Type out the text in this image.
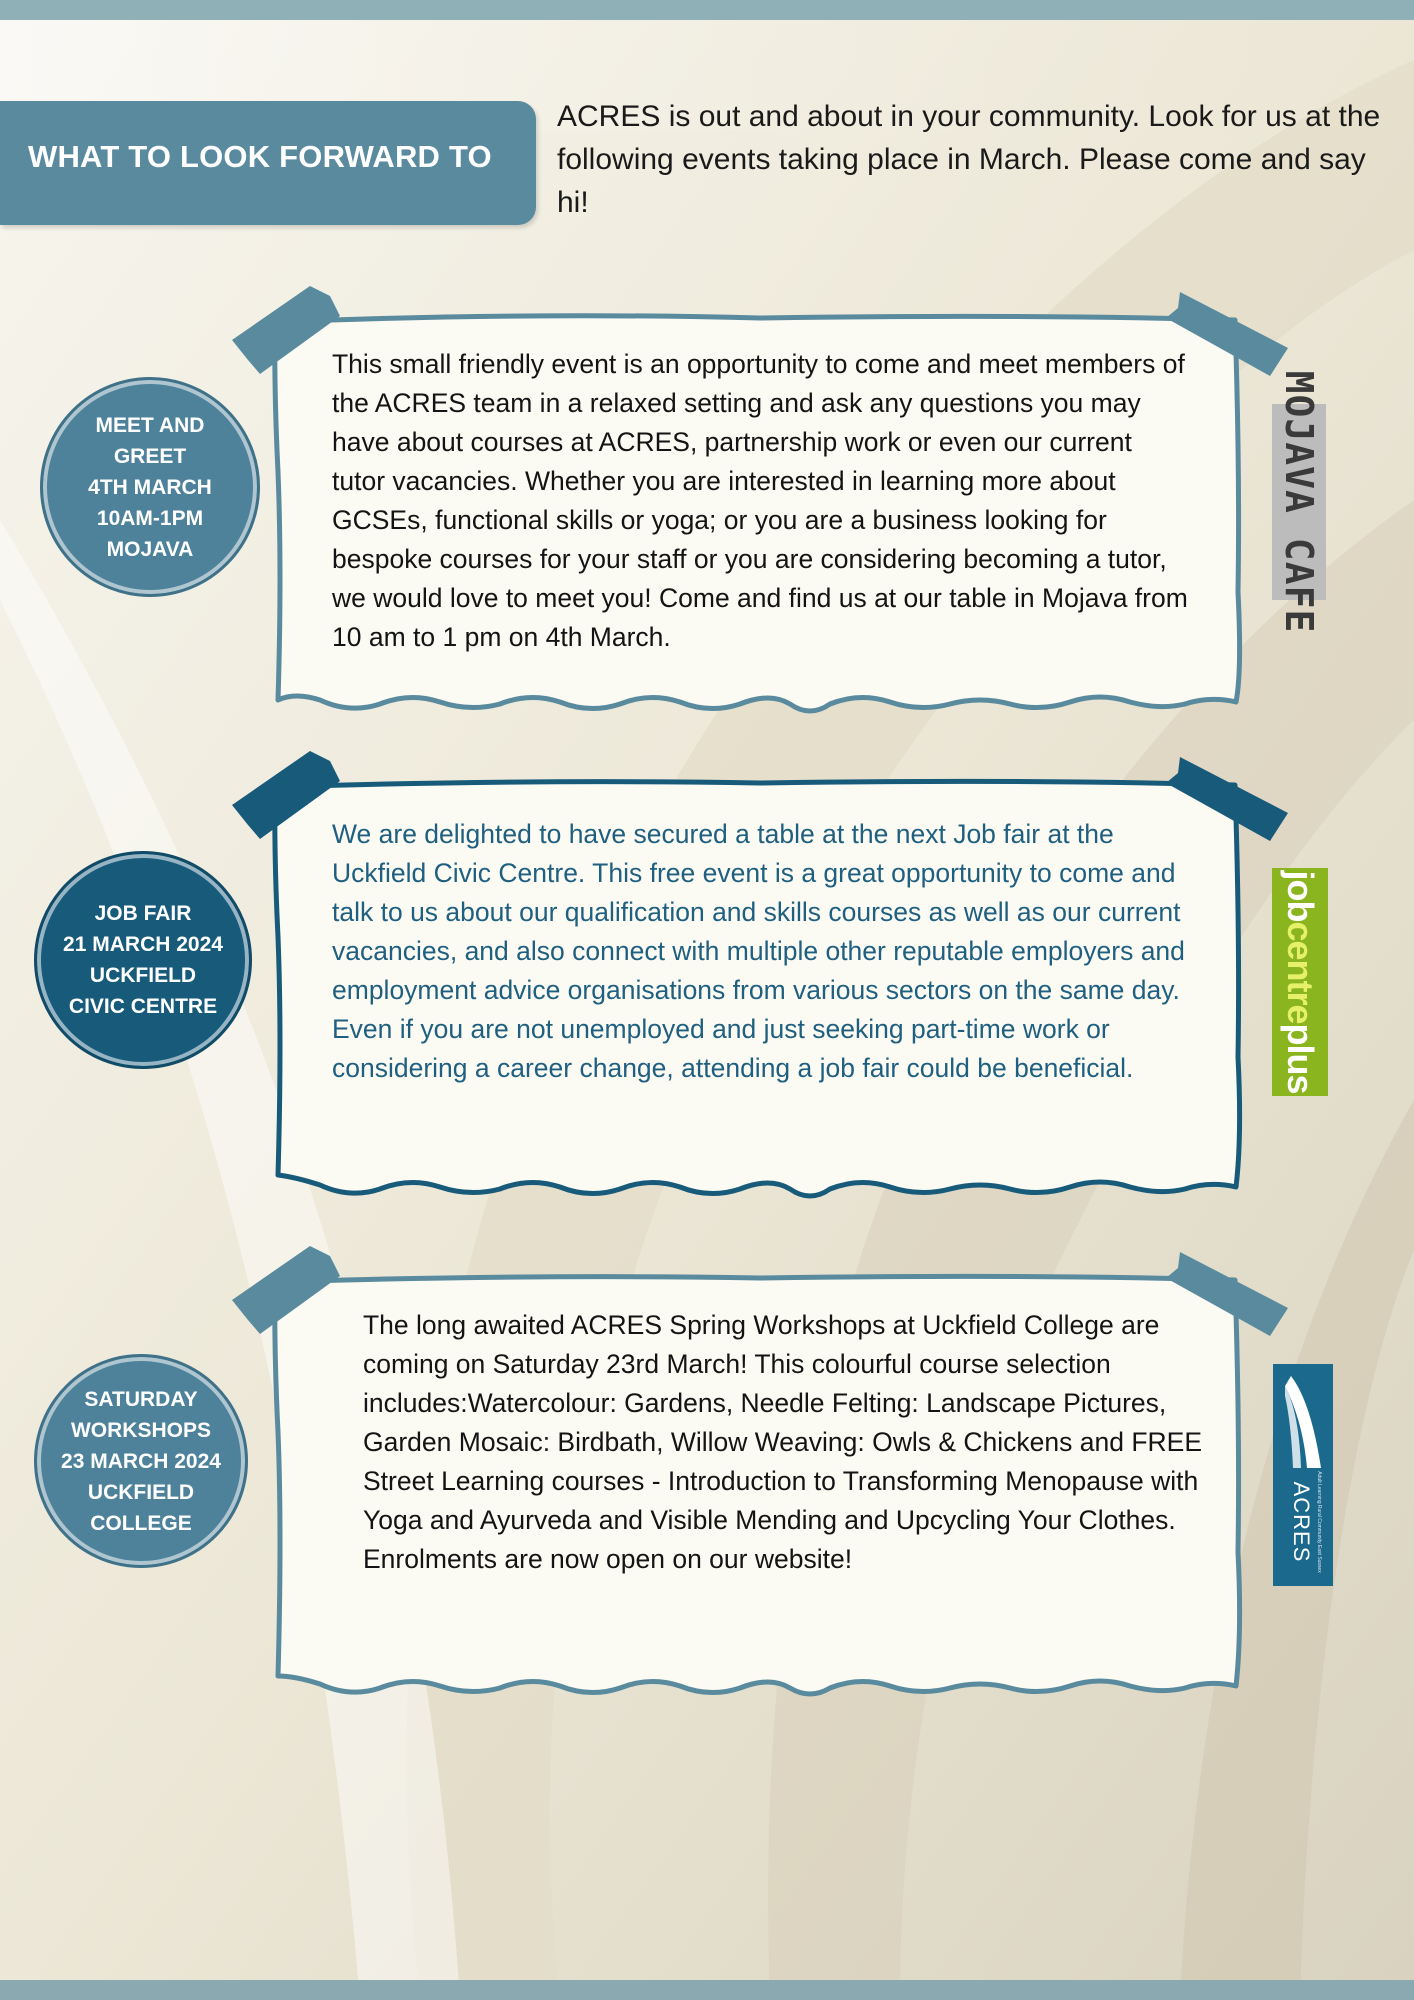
WHAT TO LOOK FORWARD TO

ACRES is out and about in your community. Look for us at the following events taking place in March. Please come and say hi!

This small friendly event is an opportunity to come and meet members of the ACRES team in a relaxed setting and ask any questions you may have about courses at ACRES, partnership work or even our current tutor vacancies. Whether you are interested in learning more about GCSEs, functional skills or yoga; or you are a business looking for bespoke courses for your staff or you are considering becoming a tutor, we would love to meet you! Come and find us at our table in Mojava from 10 am to 1 pm on 4th March.

MEET AND
GREET
4TH MARCH
10AM-1PM
MOJAVA	MOJAVA CAFE

We are delighted to have secured a table at the next Job fair at the Uckfield Civic Centre. This free event is a great opportunity to come and talk to us about our qualification and skills courses as well as our current vacancies, and also connect with multiple other reputable employers and employment advice organisations from various sectors on the same day. Even if you are not unemployed and just seeking part-time work or considering a career change, attending a job fair could be beneficial.

JOB FAIR
21 MARCH 2024
UCKFIELD
CIVIC CENTRE
jobcentreplus

The long awaited ACRES Spring Workshops at Uckfield College are coming on Saturday 23rd March! This colourful course selection includes:Watercolour: Gardens, Needle Felting: Landscape Pictures, Garden Mosaic: Birdbath, Willow Weaving: Owls & Chickens and FREE Street Learning courses - Introduction to Transforming Menopause with Yoga and Ayurveda and Visible Mending and Upcycling Your Clothes. Enrolments are now open on our website!

SATURDAY
WORKSHOPS
23 MARCH 2024
UCKFIELD
COLLEGE	ACRES Adult Learning Rural Community East Sussex
